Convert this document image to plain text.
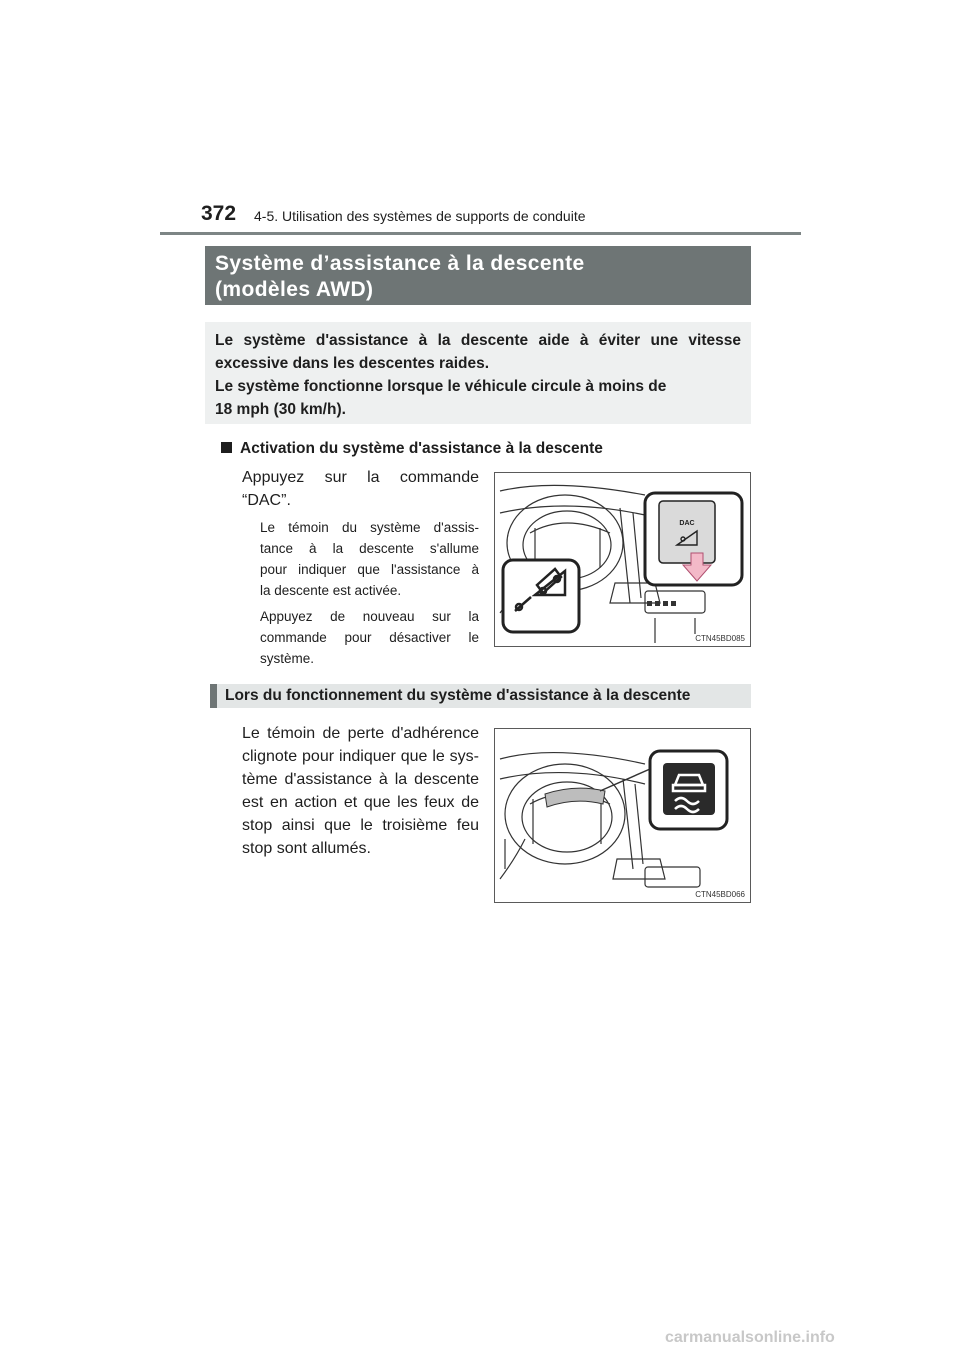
372 4-5. Utilisation des systèmes de supports de conduite
Système d’assistance à la descente
(modèles AWD)

Le système d'assistance à la descente aide à éviter une vitesse

excessive dans les descentes raides.

Le système fonctionne lorsque le véhicule circule à moins de

18 mph (30 km/h).

Activation du système d'assistance à la descente

Appuyez sur la commande

“DAC”.

Le témoin du système d'assis-

tance à la descente s'allume

pour indiquer que l'assistance à

la descente est activée.

Appuyez de nouveau sur la

commande pour désactiver le

système.

DAC
CTN45BD085
Lors du fonctionnement du système d'assistance à la descente

Le témoin de perte d'adhérence

clignote pour indiquer que le sys-

tème d'assistance à la descente

est en action et que les feux de

stop ainsi que le troisième feu

stop sont allumés.

CTN45BD066
carmanualsonline.info
